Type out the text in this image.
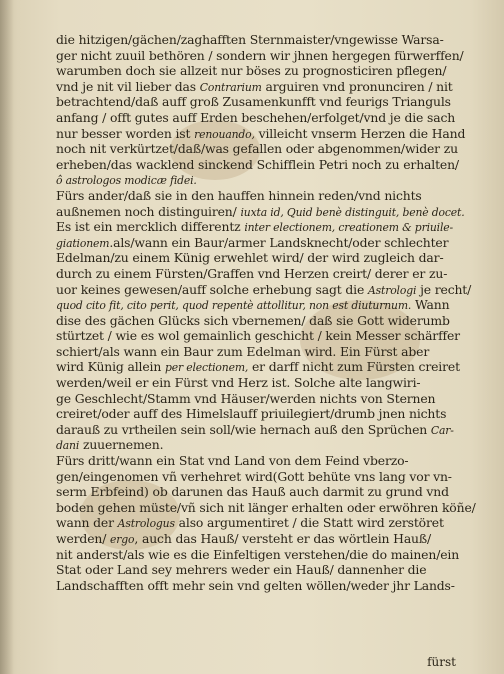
die hitzigen/gächen/zaghafften Sternmaister/vngewisse Warsa-
ger nicht zuuil bethören / sondern wir jhnen hergegen fürwerffen/
warumben doch sie allzeit nur böses zu prognosticiren pflegen/
vnd je nit vil lieber das Contrarium arguiren vnd pronunciren / nit
betrachtend/daß auff groß Zusamenkunfft vnd feurigs Trianguls
anfang / offt gutes auff Erden beschehen/erfolget/vnd je die sach
nur besser worden ist renouando, villeicht vnserm Herzen die Hand
noch nit verkürtzet/daß/was gefallen oder abgenommen/wider zu
erheben/das wacklend sinckend Schifflein Petri noch zu erhalten/
ô astrologos modicæ fidei.
Fürs ander/daß sie in den hauffen hinnein reden/vnd nichts
außnemen noch distinguiren/ iuxta id, Quid benè distinguit, benè docet.
Es ist ein mercklich differentz inter electionem, creationem & priuile-
giationem.als/wann ein Baur/armer Landsknecht/oder schlechter
Edelman/zu einem Künig erwehlet wird/ der wird zugleich dar-
durch zu einem Fürsten/Graffen vnd Herzen creirt/ derer er zu-
uor keines gewesen/auff solche erhebung sagt die Astrologi je recht/
quod cito fit, cito perit, quod repentè attollitur, non est diuturnum. Wann
dise des gächen Glücks sich vbernemen/ daß sie Gott widerumb
stürtzet / wie es wol gemainlich geschicht / kein Messer schärffer
schiert/als wann ein Baur zum Edelman wird. Ein Fürst aber
wird Künig allein per electionem, er darff nicht zum Fürsten creiret
werden/weil er ein Fürst vnd Herz ist. Solche alte langwiri-
ge Geschlecht/Stamm vnd Häuser/werden nichts von Sternen
creiret/oder auff des Himelslauff priuilegiert/drumb jnen nichts
darauß zu vrtheilen sein soll/wie hernach auß den Sprüchen Car-
dani zuuernemen.
Fürs dritt/wann ein Stat vnd Land von dem Feind vberzo-
gen/eingenomen vñ verhehret wird(Gott behüte vns lang vor vn-
serm Erbfeind) ob darunen das Hauß auch darmit zu grund vnd
boden gehen müste/vñ sich nit länger erhalten oder erwöhren köñe/
wann der Astrologus also argumentiret / die Statt wird zerstöret
werden/ ergo, auch das Hauß/ versteht er das wörtlein Hauß/
nit anderst/als wie es die Einfeltigen verstehen/die do mainen/ein
Stat oder Land sey mehrers weder ein Hauß/ dannenher die
Landschafften offt mehr sein vnd gelten wöllen/weder jhr Lands-
fürst
